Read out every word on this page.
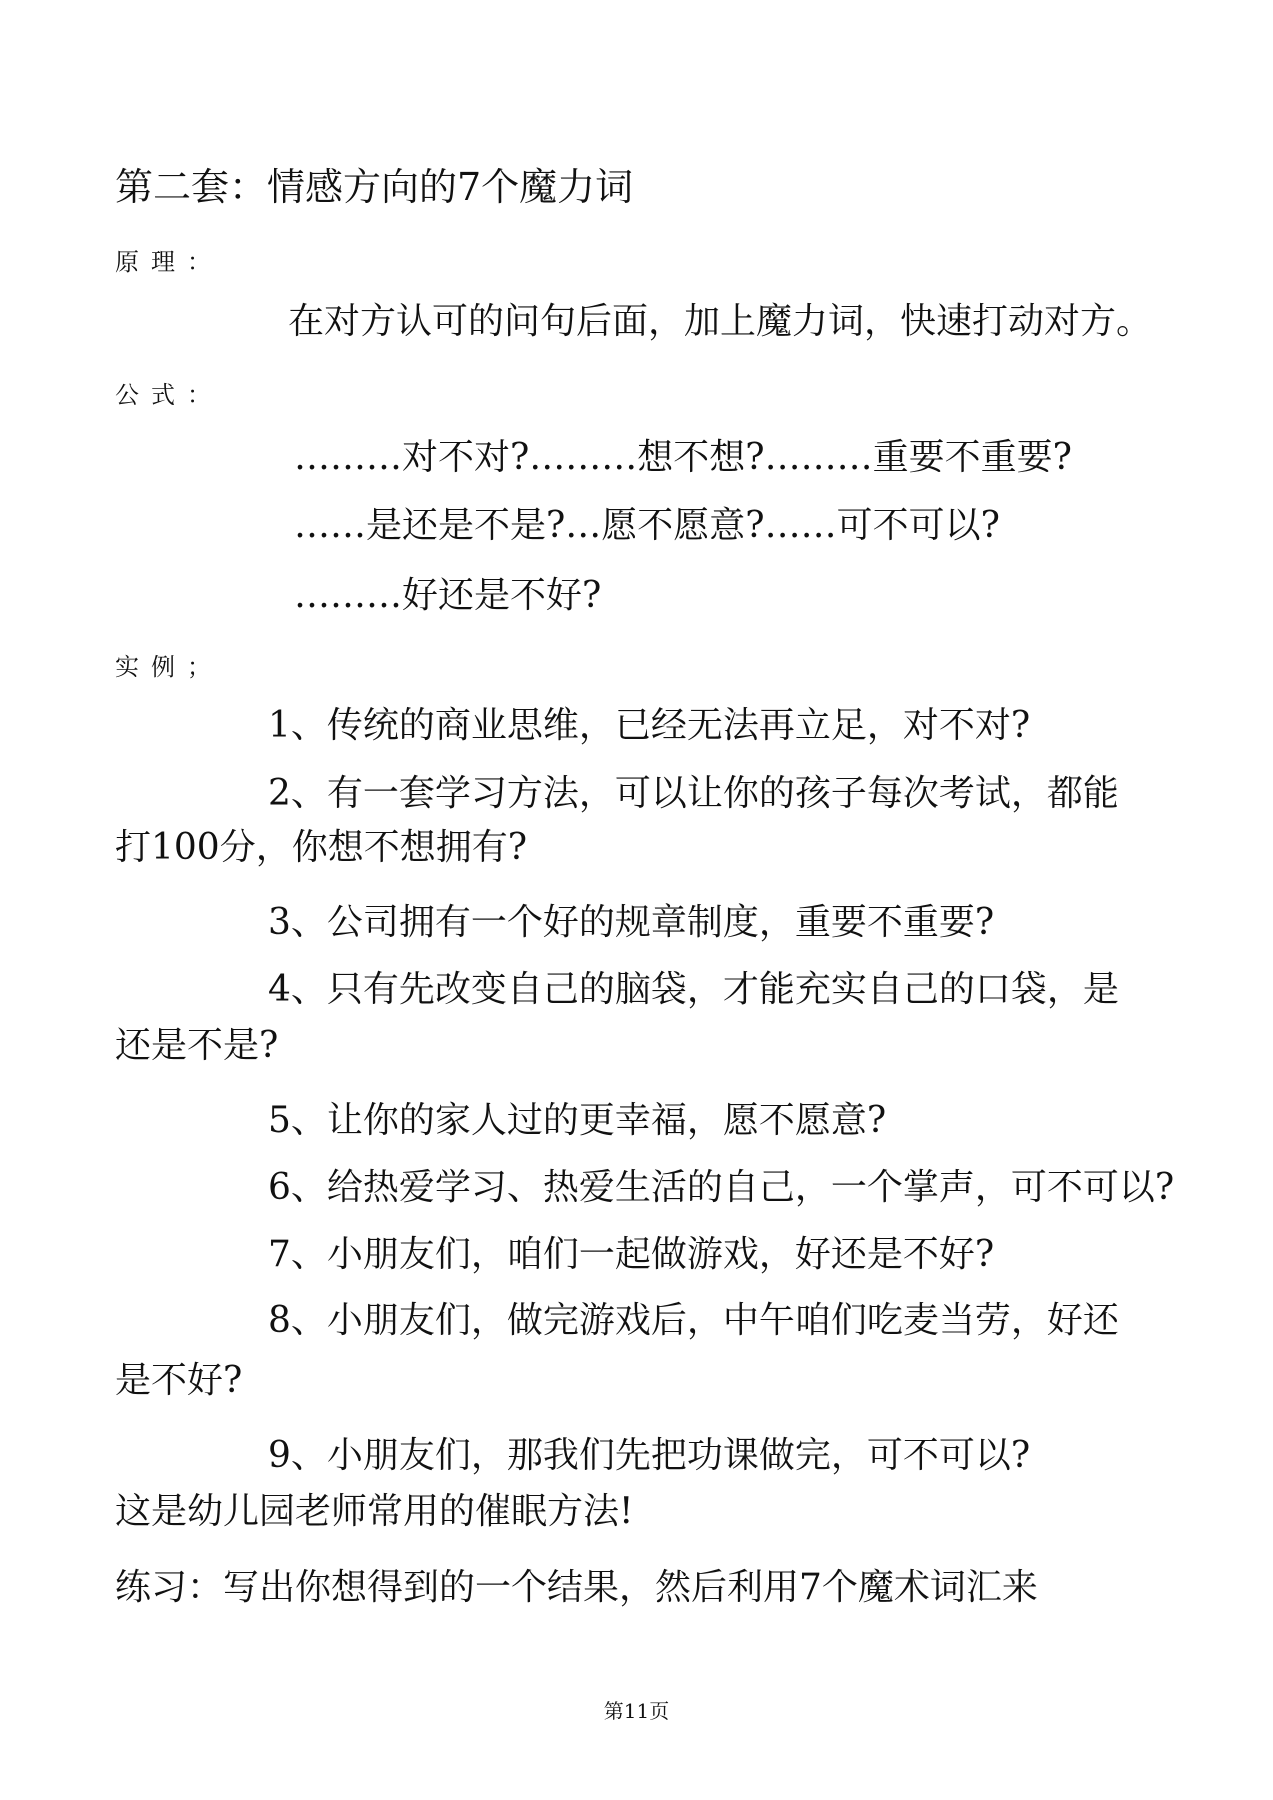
第二套：情感方向的7个魔力词
原理：
在对方认可的问句后面，加上魔力词，快速打动对方。
公式：
………对不对?………想不想?………重要不重要?
……是还是不是?…愿不愿意?……可不可以?
………好还是不好?
实例；
1、传统的商业思维，已经无法再立足，对不对?
2、有一套学习方法，可以让你的孩子每次考试，都能
打100分，你想不想拥有?
3、公司拥有一个好的规章制度，重要不重要?
4、只有先改变自己的脑袋，才能充实自己的口袋，是
还是不是?
5、让你的家人过的更幸福，愿不愿意?
6、给热爱学习、热爱生活的自己，一个掌声，可不可以?
7、小朋友们，咱们一起做游戏，好还是不好?
8、小朋友们，做完游戏后，中午咱们吃麦当劳，好还
是不好?
9、小朋友们，那我们先把功课做完，可不可以?
这是幼儿园老师常用的催眠方法!
练习：写出你想得到的一个结果，然后利用7个魔术词汇来
第11页
